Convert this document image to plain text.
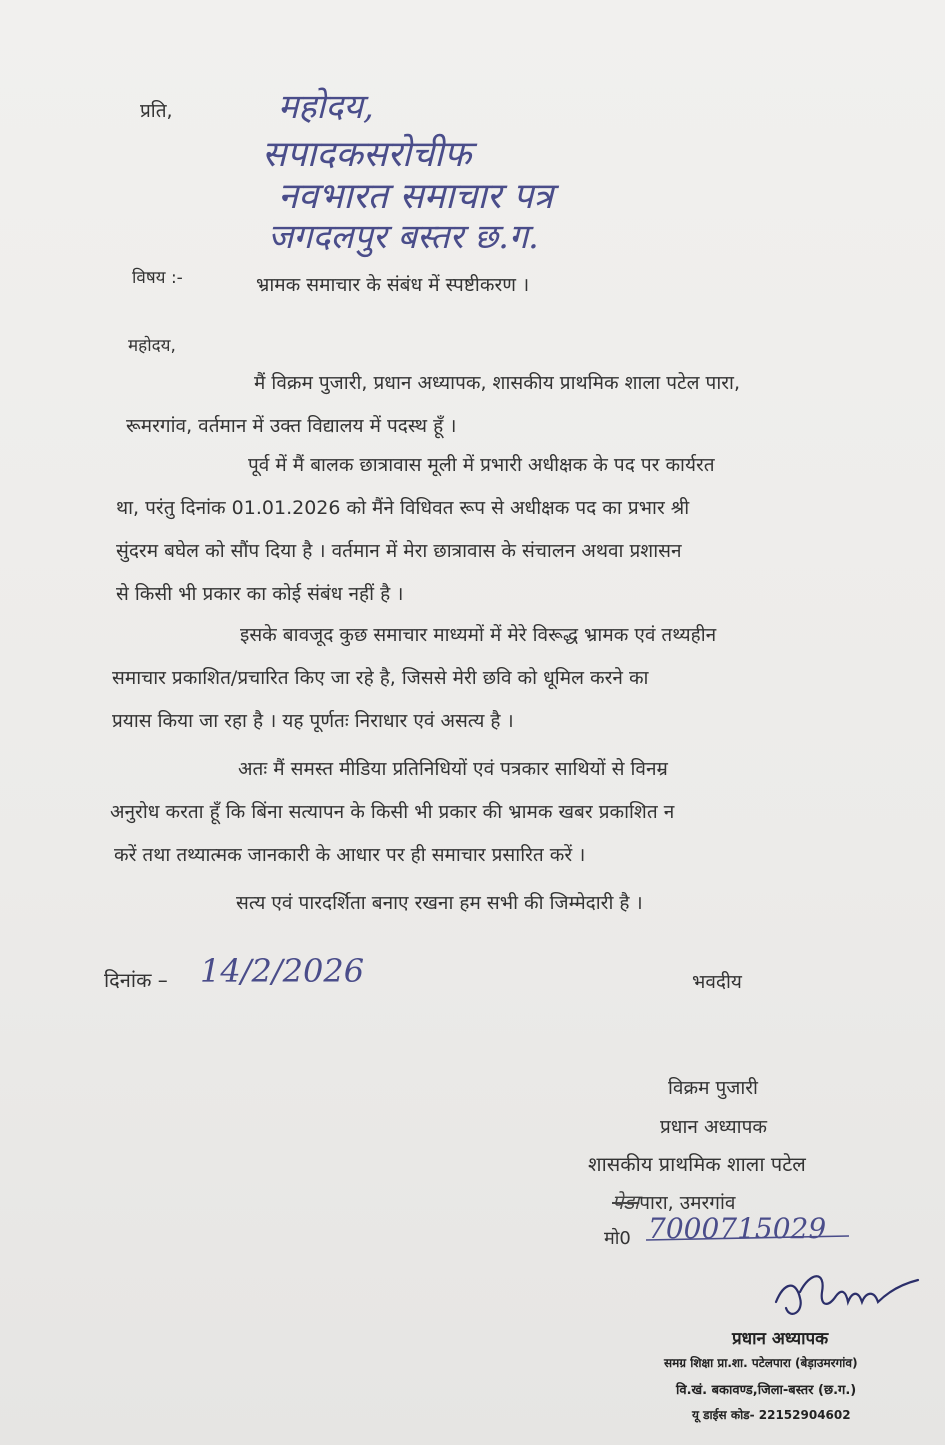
प्रति,	महोदय,
सपादकसरोचीफ
नवभारत समाचार पत्र
जगदलपुर बस्तर छ.ग.
विषय :-	भ्रामक समाचार के संबंध में स्पष्टीकरण ।
महोदय,
मैं विक्रम पुजारी, प्रधान अध्यापक, शासकीय प्राथमिक शाला पटेल पारा,
रूमरगांव, वर्तमान में उक्त विद्यालय में पदस्थ हूँ ।
पूर्व में मैं बालक छात्रावास मूली में प्रभारी अधीक्षक के पद पर कार्यरत
था, परंतु दिनांक 01.01.2026 को मैंने विधिवत रूप से अधीक्षक पद का प्रभार श्री
सुंदरम बघेल को सौंप दिया है । वर्तमान में मेरा छात्रावास के संचालन अथवा प्रशासन
से किसी भी प्रकार का कोई संबंध नहीं है ।
इसके बावजूद कुछ समाचार माध्यमों में मेरे विरूद्ध भ्रामक एवं तथ्यहीन
समाचार प्रकाशित/प्रचारित किए जा रहे है, जिससे मेरी छवि को धूमिल करने का
प्रयास किया जा रहा है । यह पूर्णतः निराधार एवं असत्य है ।
अतः मैं समस्त मीडिया प्रतिनिधियों एवं पत्रकार साथियों से विनम्र
अनुरोध करता हूँ कि बिंना सत्यापन के किसी भी प्रकार की भ्रामक खबर प्रकाशित न
करें तथा तथ्यात्मक जानकारी के आधार पर ही समाचार प्रसारित करें ।
सत्य एवं पारदर्शिता बनाए रखना हम सभी की जिम्मेदारी है ।
दिनांक – 14/2/2026	भवदीय
विक्रम पुजारी
प्रधान अध्यापक
शासकीय प्राथमिक शाला पटेल
पेडापारा, उमरगांव
मो0 7000715029
प्रधान अध्यापक
समग्र शिक्षा प्रा.शा. पटेलपारा (बेड़ाउमरगांव)
वि.खं. बकावण्ड,जिला-बस्तर (छ.ग.)
यू डाईस कोड- 22152904602
